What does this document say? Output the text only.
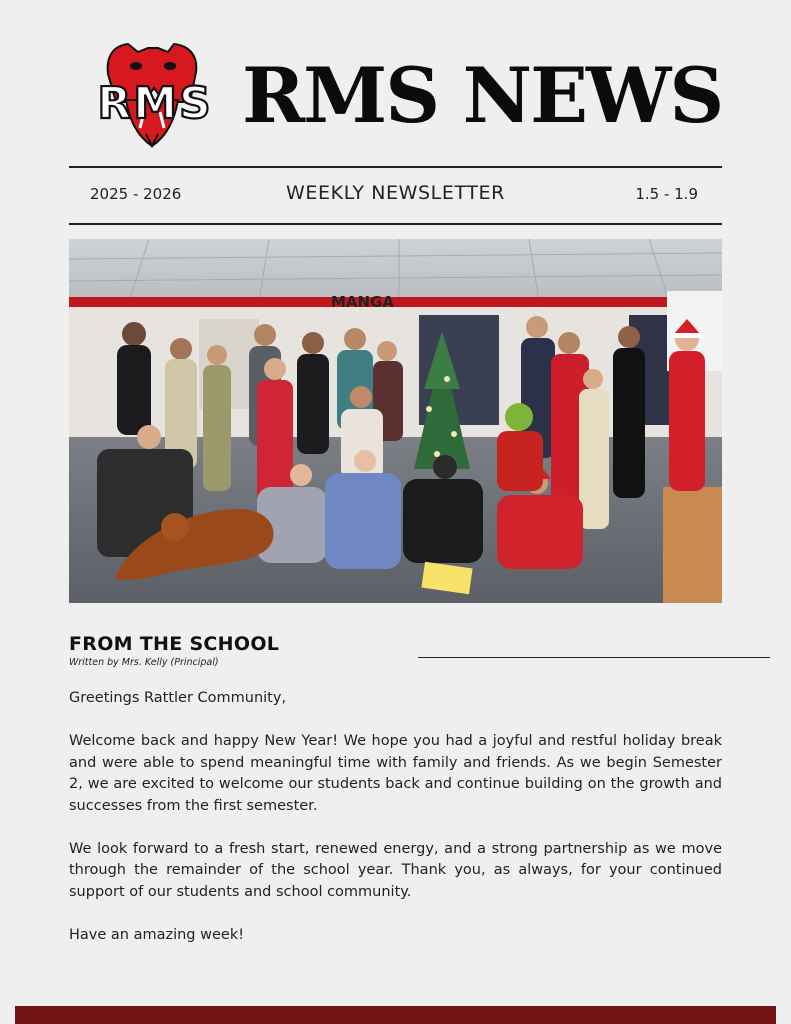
RMS RMS NEWS
2025 - 2026	WEEKLY NEWSLETTER	1.5 - 1.9
MANGA
FROM THE SCHOOL
Written by Mrs. Kelly (Principal)

Greetings Rattler Community,

Welcome back and happy New Year! We hope you had a joyful and restful holiday break and were able to spend meaningful time with family and friends. As we begin Semester 2, we are excited to welcome our students back and continue building on the growth and successes from the first semester.

We look forward to a fresh start, renewed energy, and a strong partnership as we move through the remainder of the school year. Thank you, as always, for your continued support of our students and school community.

Have an amazing week!
